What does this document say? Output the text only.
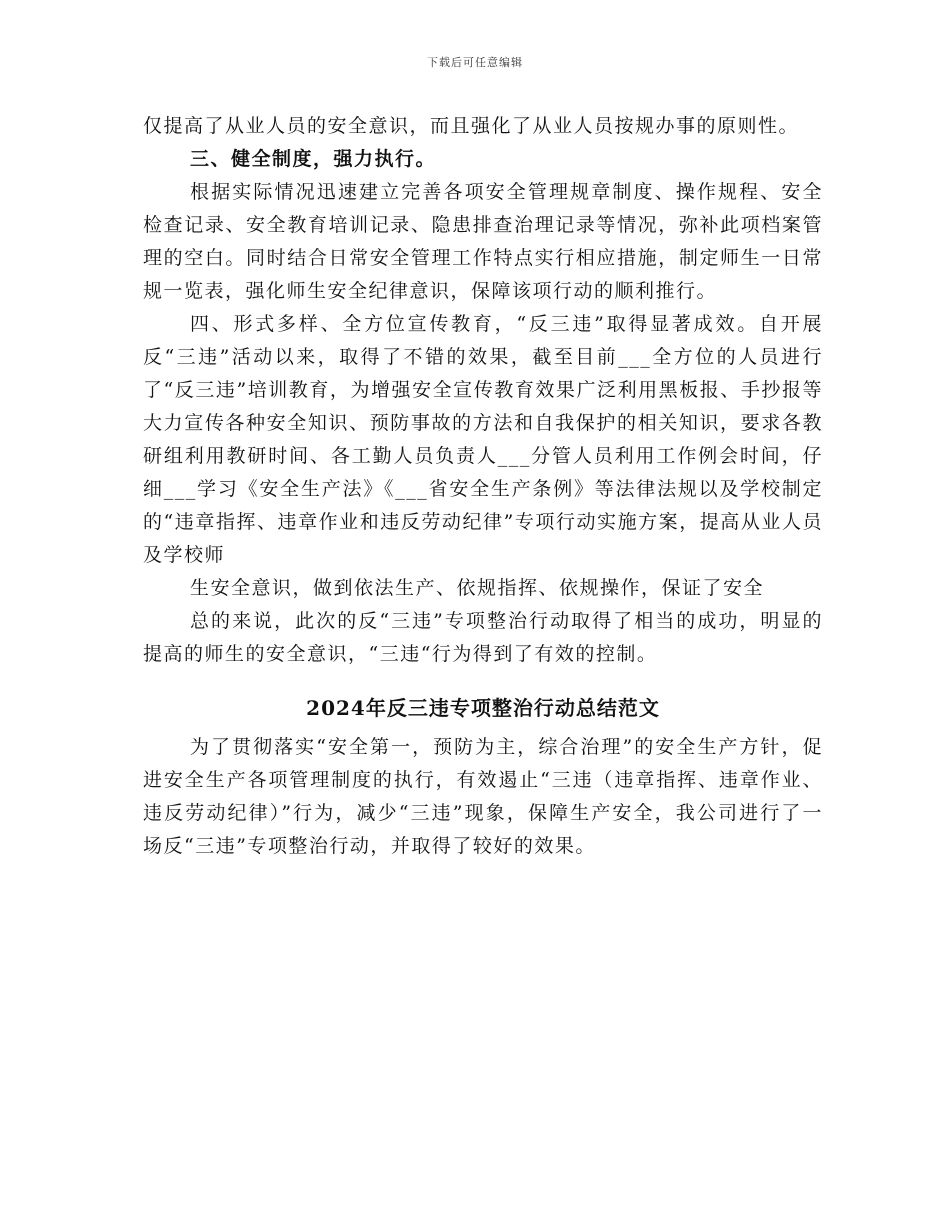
下载后可任意编辑

仅提高了从业人员的安全意识，而且强化了从业人员按规办事的原则性。

三、健全制度，强力执行。

根据实际情况迅速建立完善各项安全管理规章制度、操作规程、安全检查记录、安全教育培训记录、隐患排查治理记录等情况，弥补此项档案管理的空白。同时结合日常安全管理工作特点实行相应措施，制定师生一日常规一览表，强化师生安全纪律意识，保障该项行动的顺利推行。

四、形式多样、全方位宣传教育，“反三违”取得显著成效。自开展反“三违”活动以来，取得了不错的效果，截至目前___全方位的人员进行了“反三违”培训教育，为增强安全宣传教育效果广泛利用黑板报、手抄报等大力宣传各种安全知识、预防事故的方法和自我保护的相关知识，要求各教研组利用教研时间、各工勤人员负责人___分管人员利用工作例会时间，仔细___学习《安全生产法》《___省安全生产条例》等法律法规以及学校制定的“违章指挥、违章作业和违反劳动纪律”专项行动实施方案，提高从业人员及学校师

生安全意识，做到依法生产、依规指挥、依规操作，保证了安全

总的来说，此次的反“三违”专项整治行动取得了相当的成功，明显的提高的师生的安全意识，“三违“行为得到了有效的控制。

2024年反三违专项整治行动总结范文

为了贯彻落实“安全第一，预防为主，综合治理”的安全生产方针，促进安全生产各项管理制度的执行，有效遏止“三违（违章指挥、违章作业、违反劳动纪律）”行为，减少“三违”现象，保障生产安全，我公司进行了一场反“三违”专项整治行动，并取得了较好的效果。
